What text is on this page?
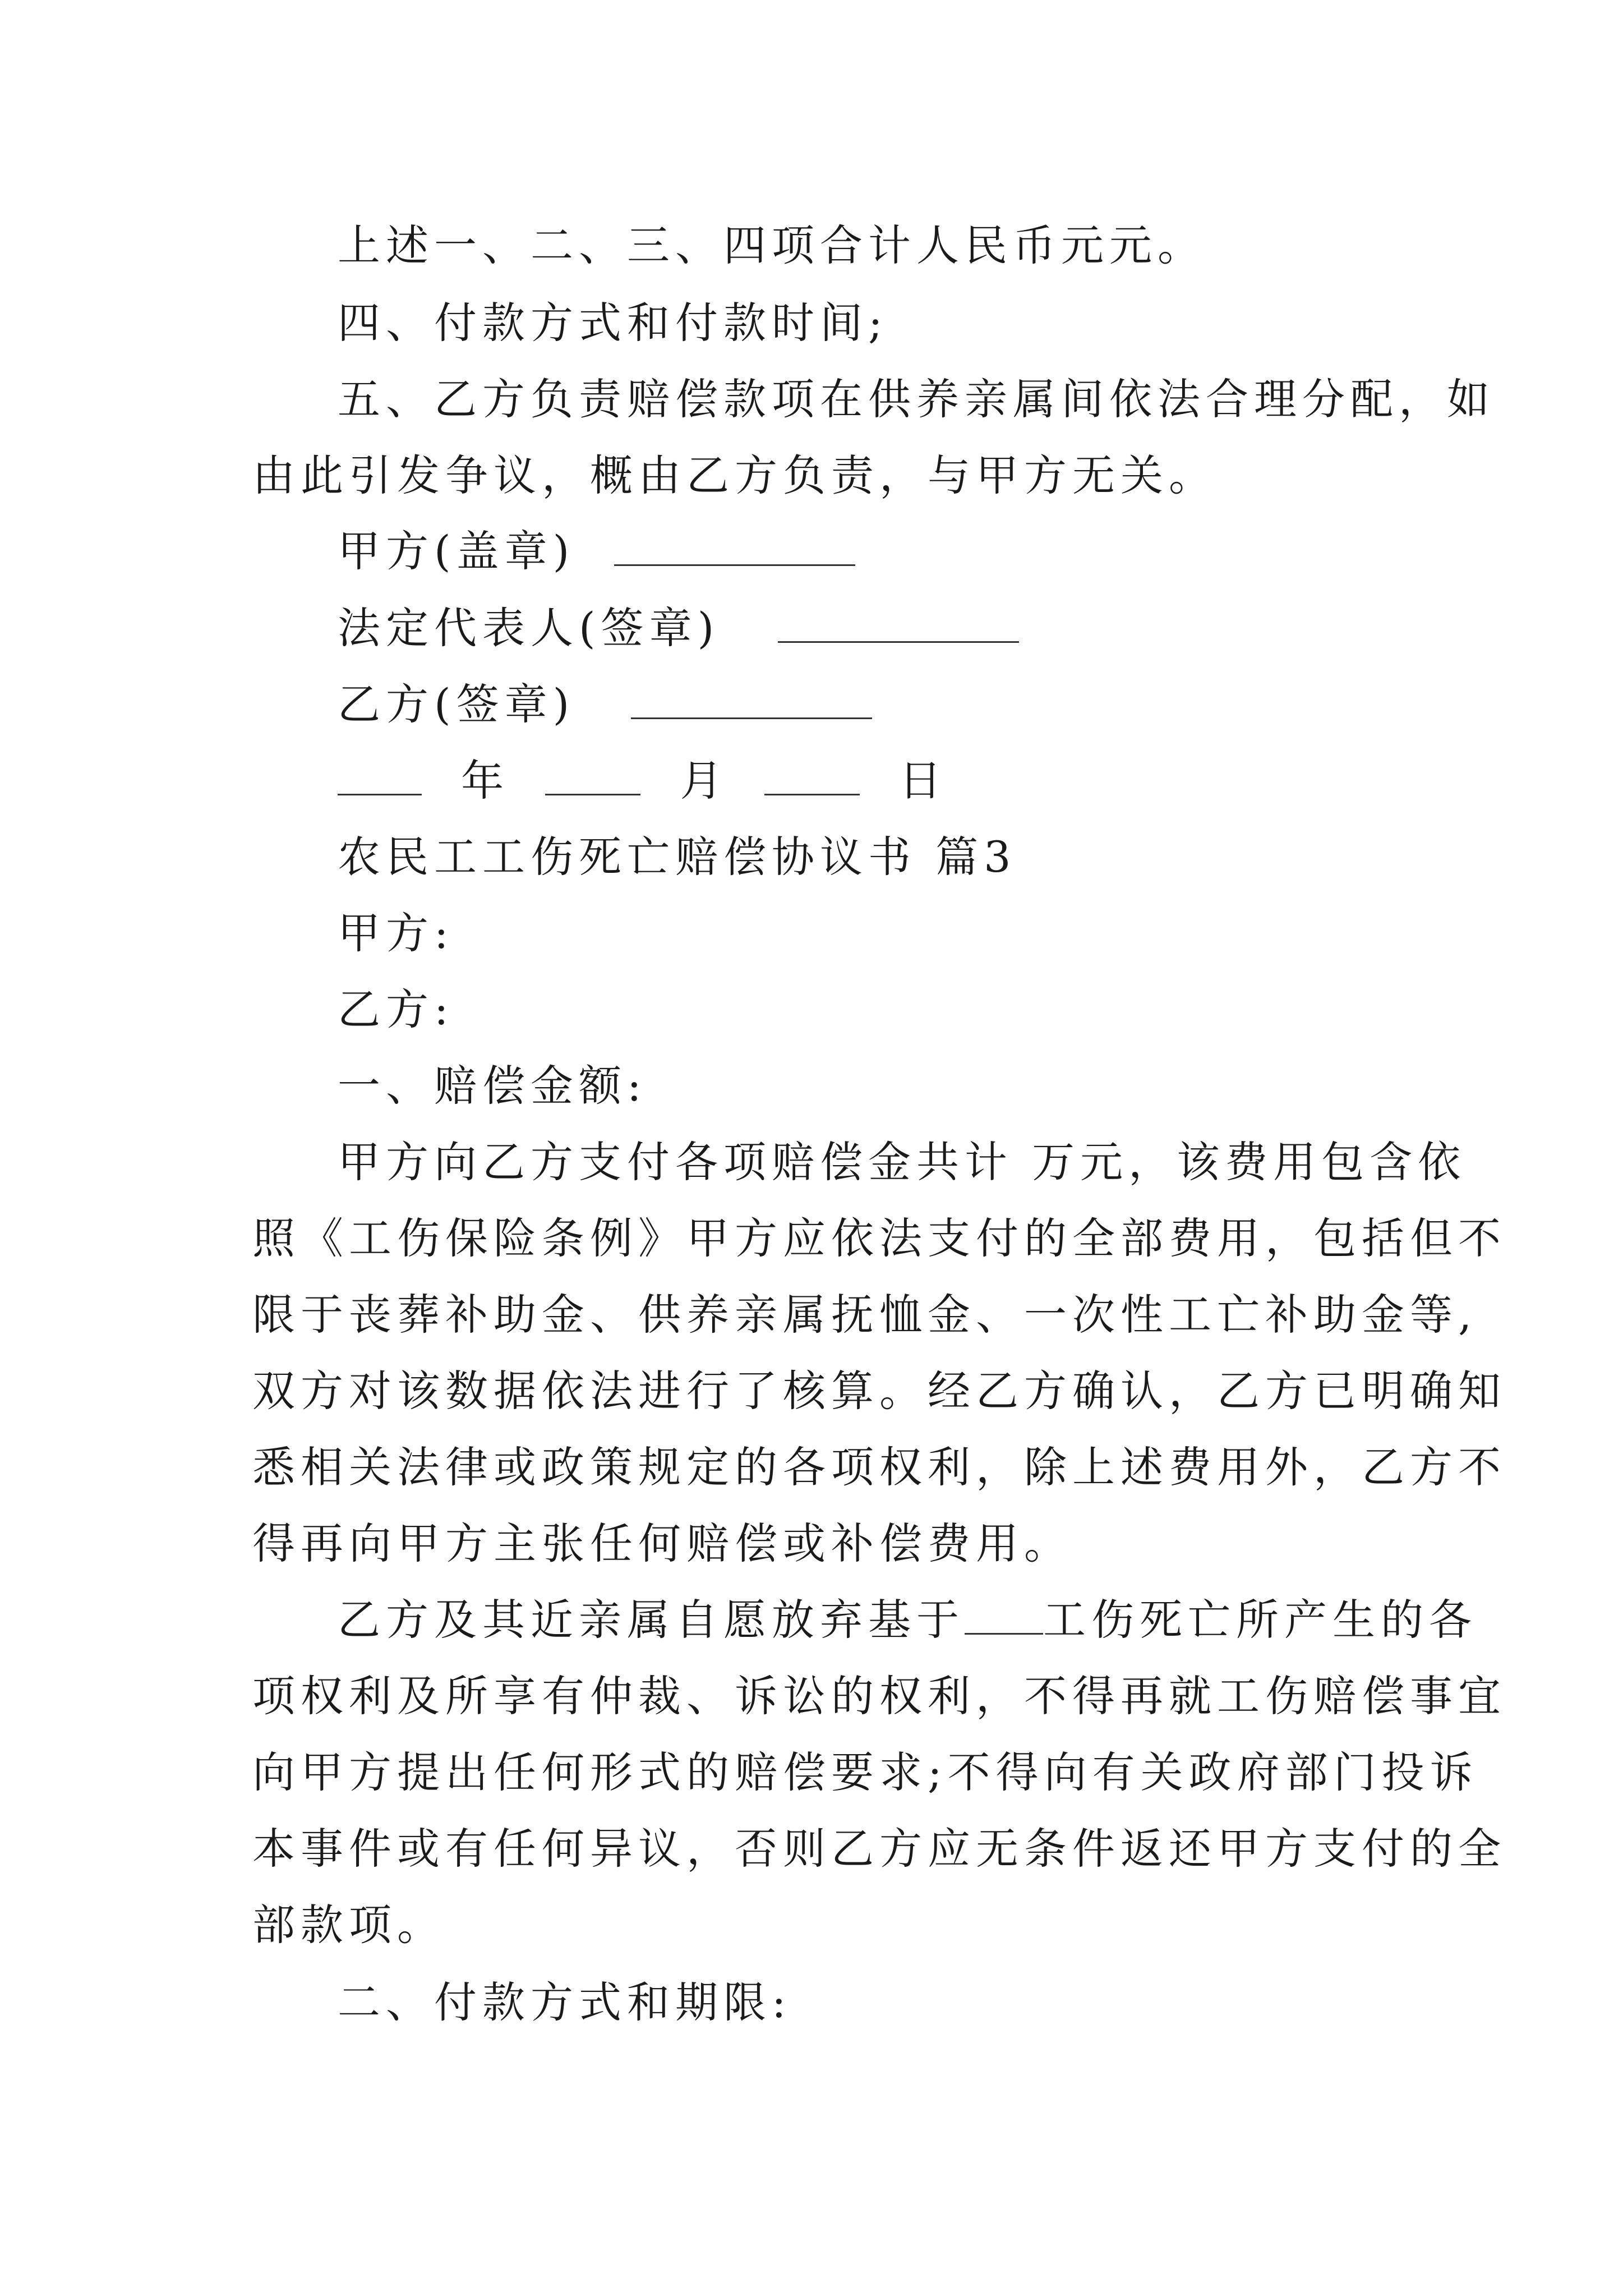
上述一、二、三、四项合计人民币元元。
四、付款方式和付款时间;
五、乙方负责赔偿款项在供养亲属间依法合理分配，如
由此引发争议，概由乙方负责，与甲方无关。
甲方(盖章)
法定代表人(签章)
乙方(签章)
年	月	日
农民工工伤死亡赔偿协议书 篇3
甲方:
乙方:
一、赔偿金额:
甲方向乙方支付各项赔偿金共计 万元，该费用包含依
照《工伤保险条例》甲方应依法支付的全部费用，包括但不
限于丧葬补助金、供养亲属抚恤金、一次性工亡补助金等,
双方对该数据依法进行了核算。经乙方确认，乙方已明确知
悉相关法律或政策规定的各项权利，除上述费用外，乙方不
得再向甲方主张任何赔偿或补偿费用。
乙方及其近亲属自愿放弃基于 工伤死亡所产生的各
项权利及所享有仲裁、诉讼的权利，不得再就工伤赔偿事宜
向甲方提出任何形式的赔偿要求;不得向有关政府部门投诉
本事件或有任何异议，否则乙方应无条件返还甲方支付的全
部款项。
二、付款方式和期限:
